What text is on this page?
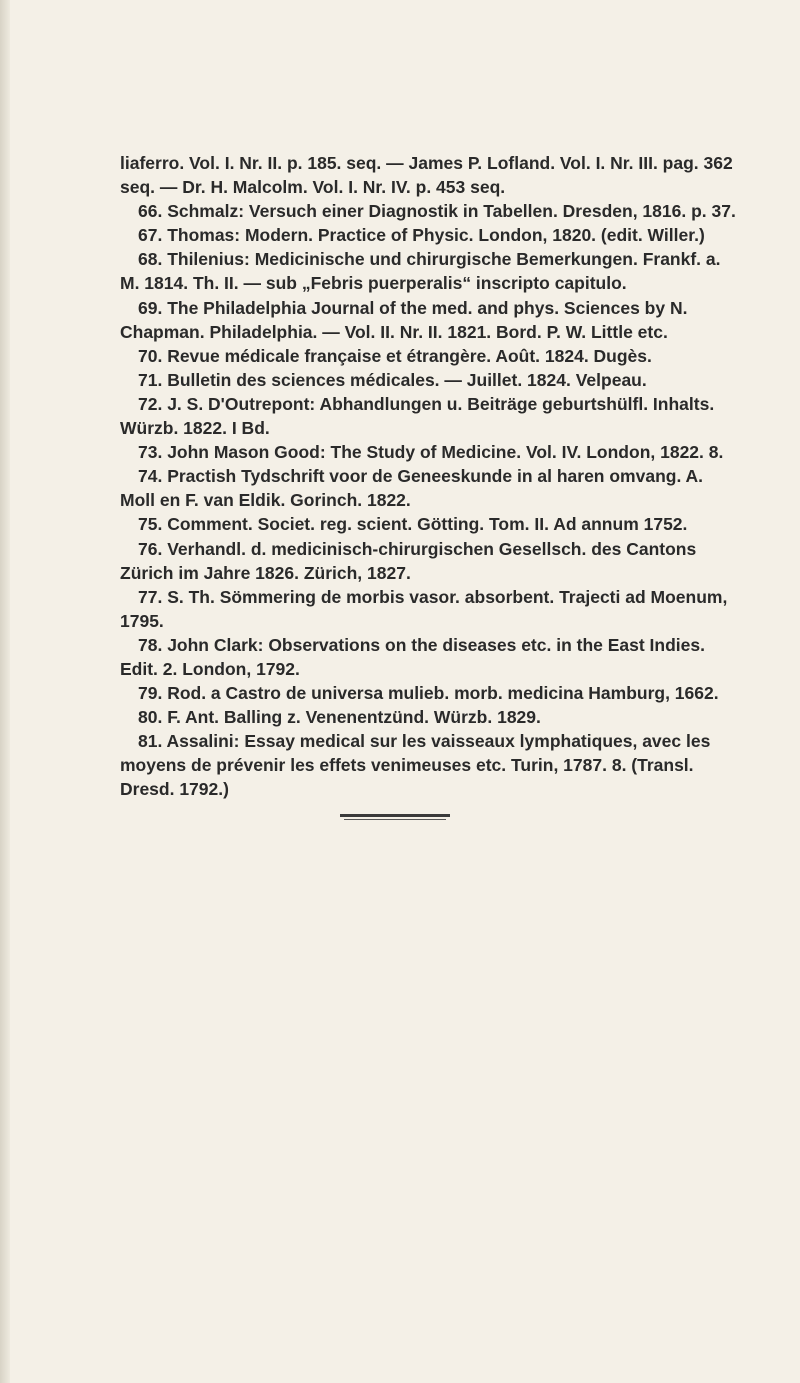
liaferro. Vol. I. Nr. II. p. 185. seq. — James P. Lofland. Vol. I. Nr. III. pag. 362 seq. — Dr. H. Malcolm. Vol. I. Nr. IV. p. 453 seq.

66. Schmalz: Versuch einer Diagnostik in Tabellen. Dresden, 1816. p. 37.

67. Thomas: Modern. Practice of Physic. London, 1820. (edit. Willer.)

68. Thilenius: Medicinische und chirurgische Bemerkungen. Frankf. a. M. 1814. Th. II. — sub „Febris puerperalis“ inscripto capitulo.

69. The Philadelphia Journal of the med. and phys. Sciences by N. Chapman. Philadelphia. — Vol. II. Nr. II. 1821. Bord. P. W. Little etc.

70. Revue médicale française et étrangère. Août. 1824. Dugès.

71. Bulletin des sciences médicales. — Juillet. 1824. Velpeau.

72. J. S. D'Outrepont: Abhandlungen u. Beiträge geburtshülfl. Inhalts. Würzb. 1822. I Bd.

73. John Mason Good: The Study of Medicine. Vol. IV. London, 1822. 8.

74. Practish Tydschrift voor de Geneeskunde in al haren omvang. A. Moll en F. van Eldik. Gorinch. 1822.

75. Comment. Societ. reg. scient. Götting. Tom. II. Ad annum 1752.

76. Verhandl. d. medicinisch-chirurgischen Gesellsch. des Cantons Zürich im Jahre 1826. Zürich, 1827.

77. S. Th. Sömmering de morbis vasor. absorbent. Trajecti ad Moenum, 1795.

78. John Clark: Observations on the diseases etc. in the East Indies. Edit. 2. London, 1792.

79. Rod. a Castro de universa mulieb. morb. medicina Hamburg, 1662.

80. F. Ant. Balling z. Venenentzünd. Würzb. 1829.

81. Assalini: Essay medical sur les vaisseaux lymphatiques, avec les moyens de prévenir les effets venimeuses etc. Turin, 1787. 8. (Transl. Dresd. 1792.)
